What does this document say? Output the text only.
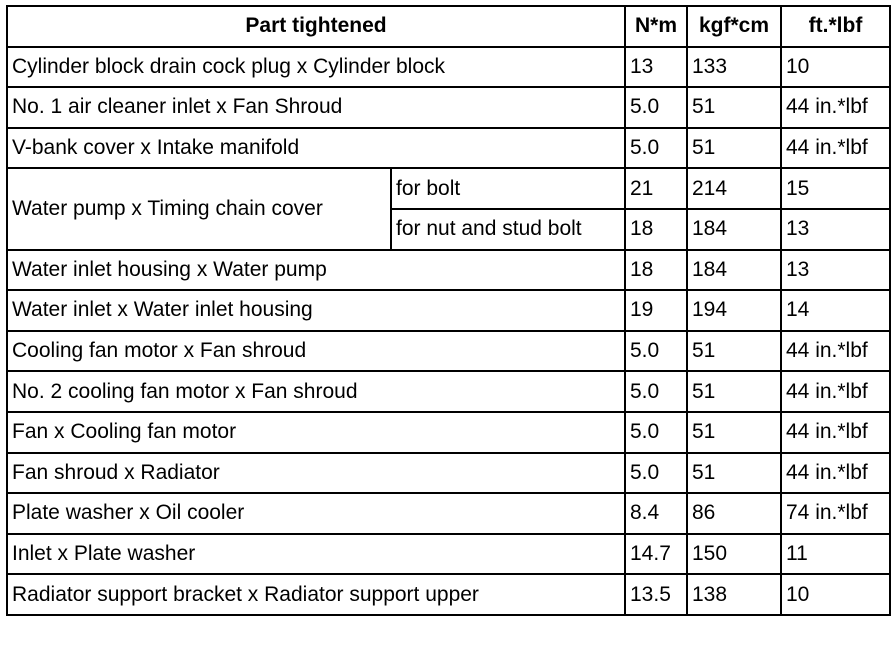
Part tightened		N*m	kgf*cm	ft.*lbf
Cylinder block drain cock plug x Cylinder block		13	133	10
No. 1 air cleaner inlet x Fan Shroud		5.0	51	44 in.*lbf
V-bank cover x Intake manifold		5.0	51	44 in.*lbf
Water pump x Timing chain cover	for bolt	21	214	15
	for nut and stud bolt	18	184	13
Water inlet housing x Water pump		18	184	13
Water inlet x Water inlet housing		19	194	14
Cooling fan motor x Fan shroud		5.0	51	44 in.*lbf
No. 2 cooling fan motor x Fan shroud		5.0	51	44 in.*lbf
Fan x Cooling fan motor		5.0	51	44 in.*lbf
Fan shroud x Radiator		5.0	51	44 in.*lbf
Plate washer x Oil cooler		8.4	86	74 in.*lbf
Inlet x Plate washer		14.7	150	11
Radiator support bracket x Radiator support upper		13.5	138	10
